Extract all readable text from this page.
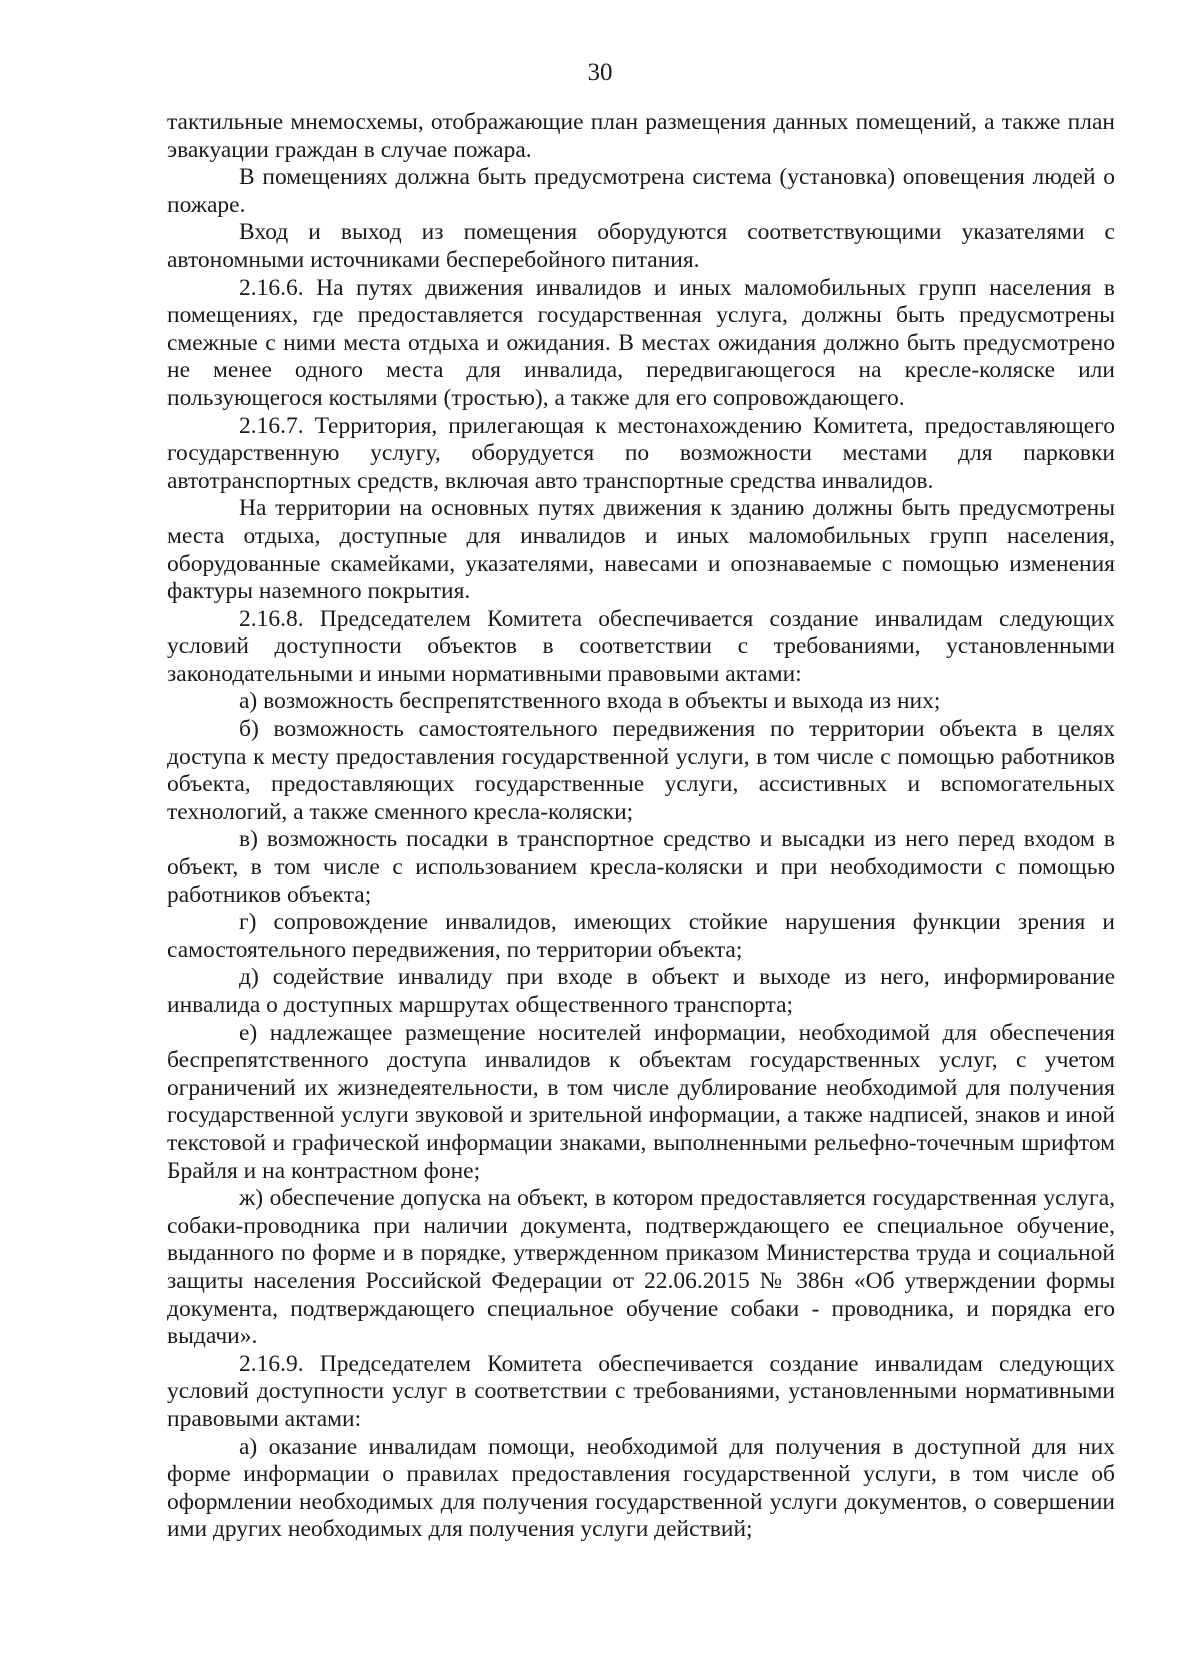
30

тактильные мнемосхемы, отображающие план размещения данных помещений, а также план эвакуации граждан в случае пожара.

В помещениях должна быть предусмотрена система (установка) оповещения людей о пожаре.

Вход и выход из помещения оборудуются соответствующими указателями с автономными источниками бесперебойного питания.

2.16.6. На путях движения инвалидов и иных маломобильных групп населения в помещениях, где предоставляется государственная услуга, должны быть предусмотрены смежные с ними места отдыха и ожидания. В местах ожидания должно быть предусмотрено не менее одного места для инвалида, передвигающегося на кресле-коляске или пользующегося костылями (тростью), а также для его сопровождающего.

2.16.7. Территория, прилегающая к местонахождению Комитета, предоставляющего государственную услугу, оборудуется по возможности местами для парковки автотранспортных средств, включая авто транспортные средства инвалидов.

На территории на основных путях движения к зданию должны быть предусмотрены места отдыха, доступные для инвалидов и иных маломобильных групп населения, оборудованные скамейками, указателями, навесами и опознаваемые с помощью изменения фактуры наземного покрытия.

2.16.8. Председателем Комитета обеспечивается создание инвалидам следующих условий доступности объектов в соответствии с требованиями, установленными законодательными и иными нормативными правовыми актами:

а) возможность беспрепятственного входа в объекты и выхода из них;

б) возможность самостоятельного передвижения по территории объекта в целях доступа к месту предоставления государственной услуги, в том числе с помощью работников объекта, предоставляющих государственные услуги, ассистивных и вспомогательных технологий, а также сменного кресла-коляски;

в) возможность посадки в транспортное средство и высадки из него перед входом в объект, в том числе с использованием кресла-коляски и при необходимости с помощью работников объекта;

г) сопровождение инвалидов, имеющих стойкие нарушения функции зрения и самостоятельного передвижения, по территории объекта;

д) содействие инвалиду при входе в объект и выходе из него, информирование инвалида о доступных маршрутах общественного транспорта;

е) надлежащее размещение носителей информации, необходимой для обеспечения беспрепятственного доступа инвалидов к объектам государственных услуг, с учетом ограничений их жизнедеятельности, в том числе дублирование необходимой для получения государственной услуги звуковой и зрительной информации, а также надписей, знаков и иной текстовой и графической информации знаками, выполненными рельефно-точечным шрифтом Брайля и на контрастном фоне;

ж) обеспечение допуска на объект, в котором предоставляется государственная услуга, собаки-проводника при наличии документа, подтверждающего ее специальное обучение, выданного по форме и в порядке, утвержденном приказом Министерства труда и социальной защиты населения Российской Федерации от 22.06.2015 № 386н «Об утверждении формы документа, подтверждающего специальное обучение собаки - проводника, и порядка его выдачи».

2.16.9. Председателем Комитета обеспечивается создание инвалидам следующих условий доступности услуг в соответствии с требованиями, установленными нормативными правовыми актами:

а) оказание инвалидам помощи, необходимой для получения в доступной для них форме информации о правилах предоставления государственной услуги, в том числе об оформлении необходимых для получения государственной услуги документов, о совершении ими других необходимых для получения услуги действий;
